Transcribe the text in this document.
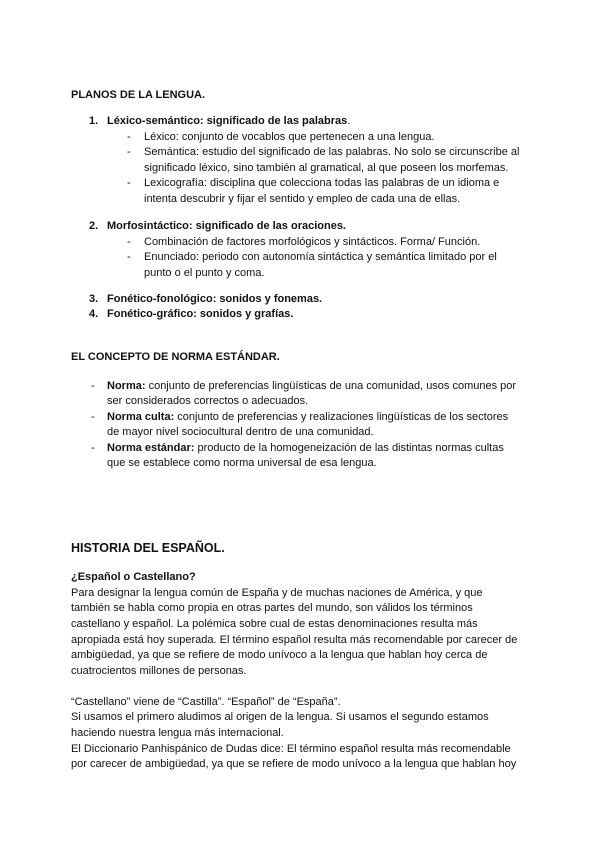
PLANOS DE LA LENGUA.
1. Léxico-semántico: significado de las palabras.
- Léxico: conjunto de vocablos que pertenecen a una lengua.
- Semántica: estudio del significado de las palabras. No solo se circunscribe al
significado léxico, sino también al gramatical, al que poseen los morfemas.
- Lexicografía: disciplina que colecciona todas las palabras de un idioma e
intenta descubrir y fijar el sentido y empleo de cada una de ellas.
2. Morfosintáctico: significado de las oraciones.
- Combinación de factores morfológicos y sintácticos. Forma/ Función.
- Enunciado: periodo con autonomía sintáctica y semántica limitado por el
punto o el punto y coma.
3. Fonético-fonológico: sonidos y fonemas.
4. Fonético-gráfico: sonidos y grafías.
EL CONCEPTO DE NORMA ESTÁNDAR.
- Norma: conjunto de preferencias lingüísticas de una comunidad, usos comunes por
ser considerados correctos o adecuados.
- Norma culta: conjunto de preferencias y realizaciones lingüísticas de los sectores
de mayor nivel sociocultural dentro de una comunidad.
- Norma estándar: producto de la homogeneización de las distintas normas cultas
que se establece como norma universal de esa lengua.
HISTORIA DEL ESPAÑOL.
¿Español o Castellano?
Para designar la lengua común de España y de muchas naciones de América, y que
también se habla como propia en otras partes del mundo, son válidos los términos
castellano y español. La polémica sobre cual de estas denominaciones resulta más
apropiada está hoy superada. El término español resulta más recomendable por carecer de
ambigüedad, ya que se refiere de modo unívoco a la lengua que hablan hoy cerca de
cuatrocientos millones de personas.
“Castellano” viene de “Castilla”. “Español” de “España”.
Si usamos el primero aludimos al origen de la lengua. Si usamos el segundo estamos
haciendo nuestra lengua más internacional.
El Diccionario Panhispánico de Dudas dice: El término español resulta más recomendable
por carecer de ambigüedad, ya que se refiere de modo unívoco a la lengua que hablan hoy
